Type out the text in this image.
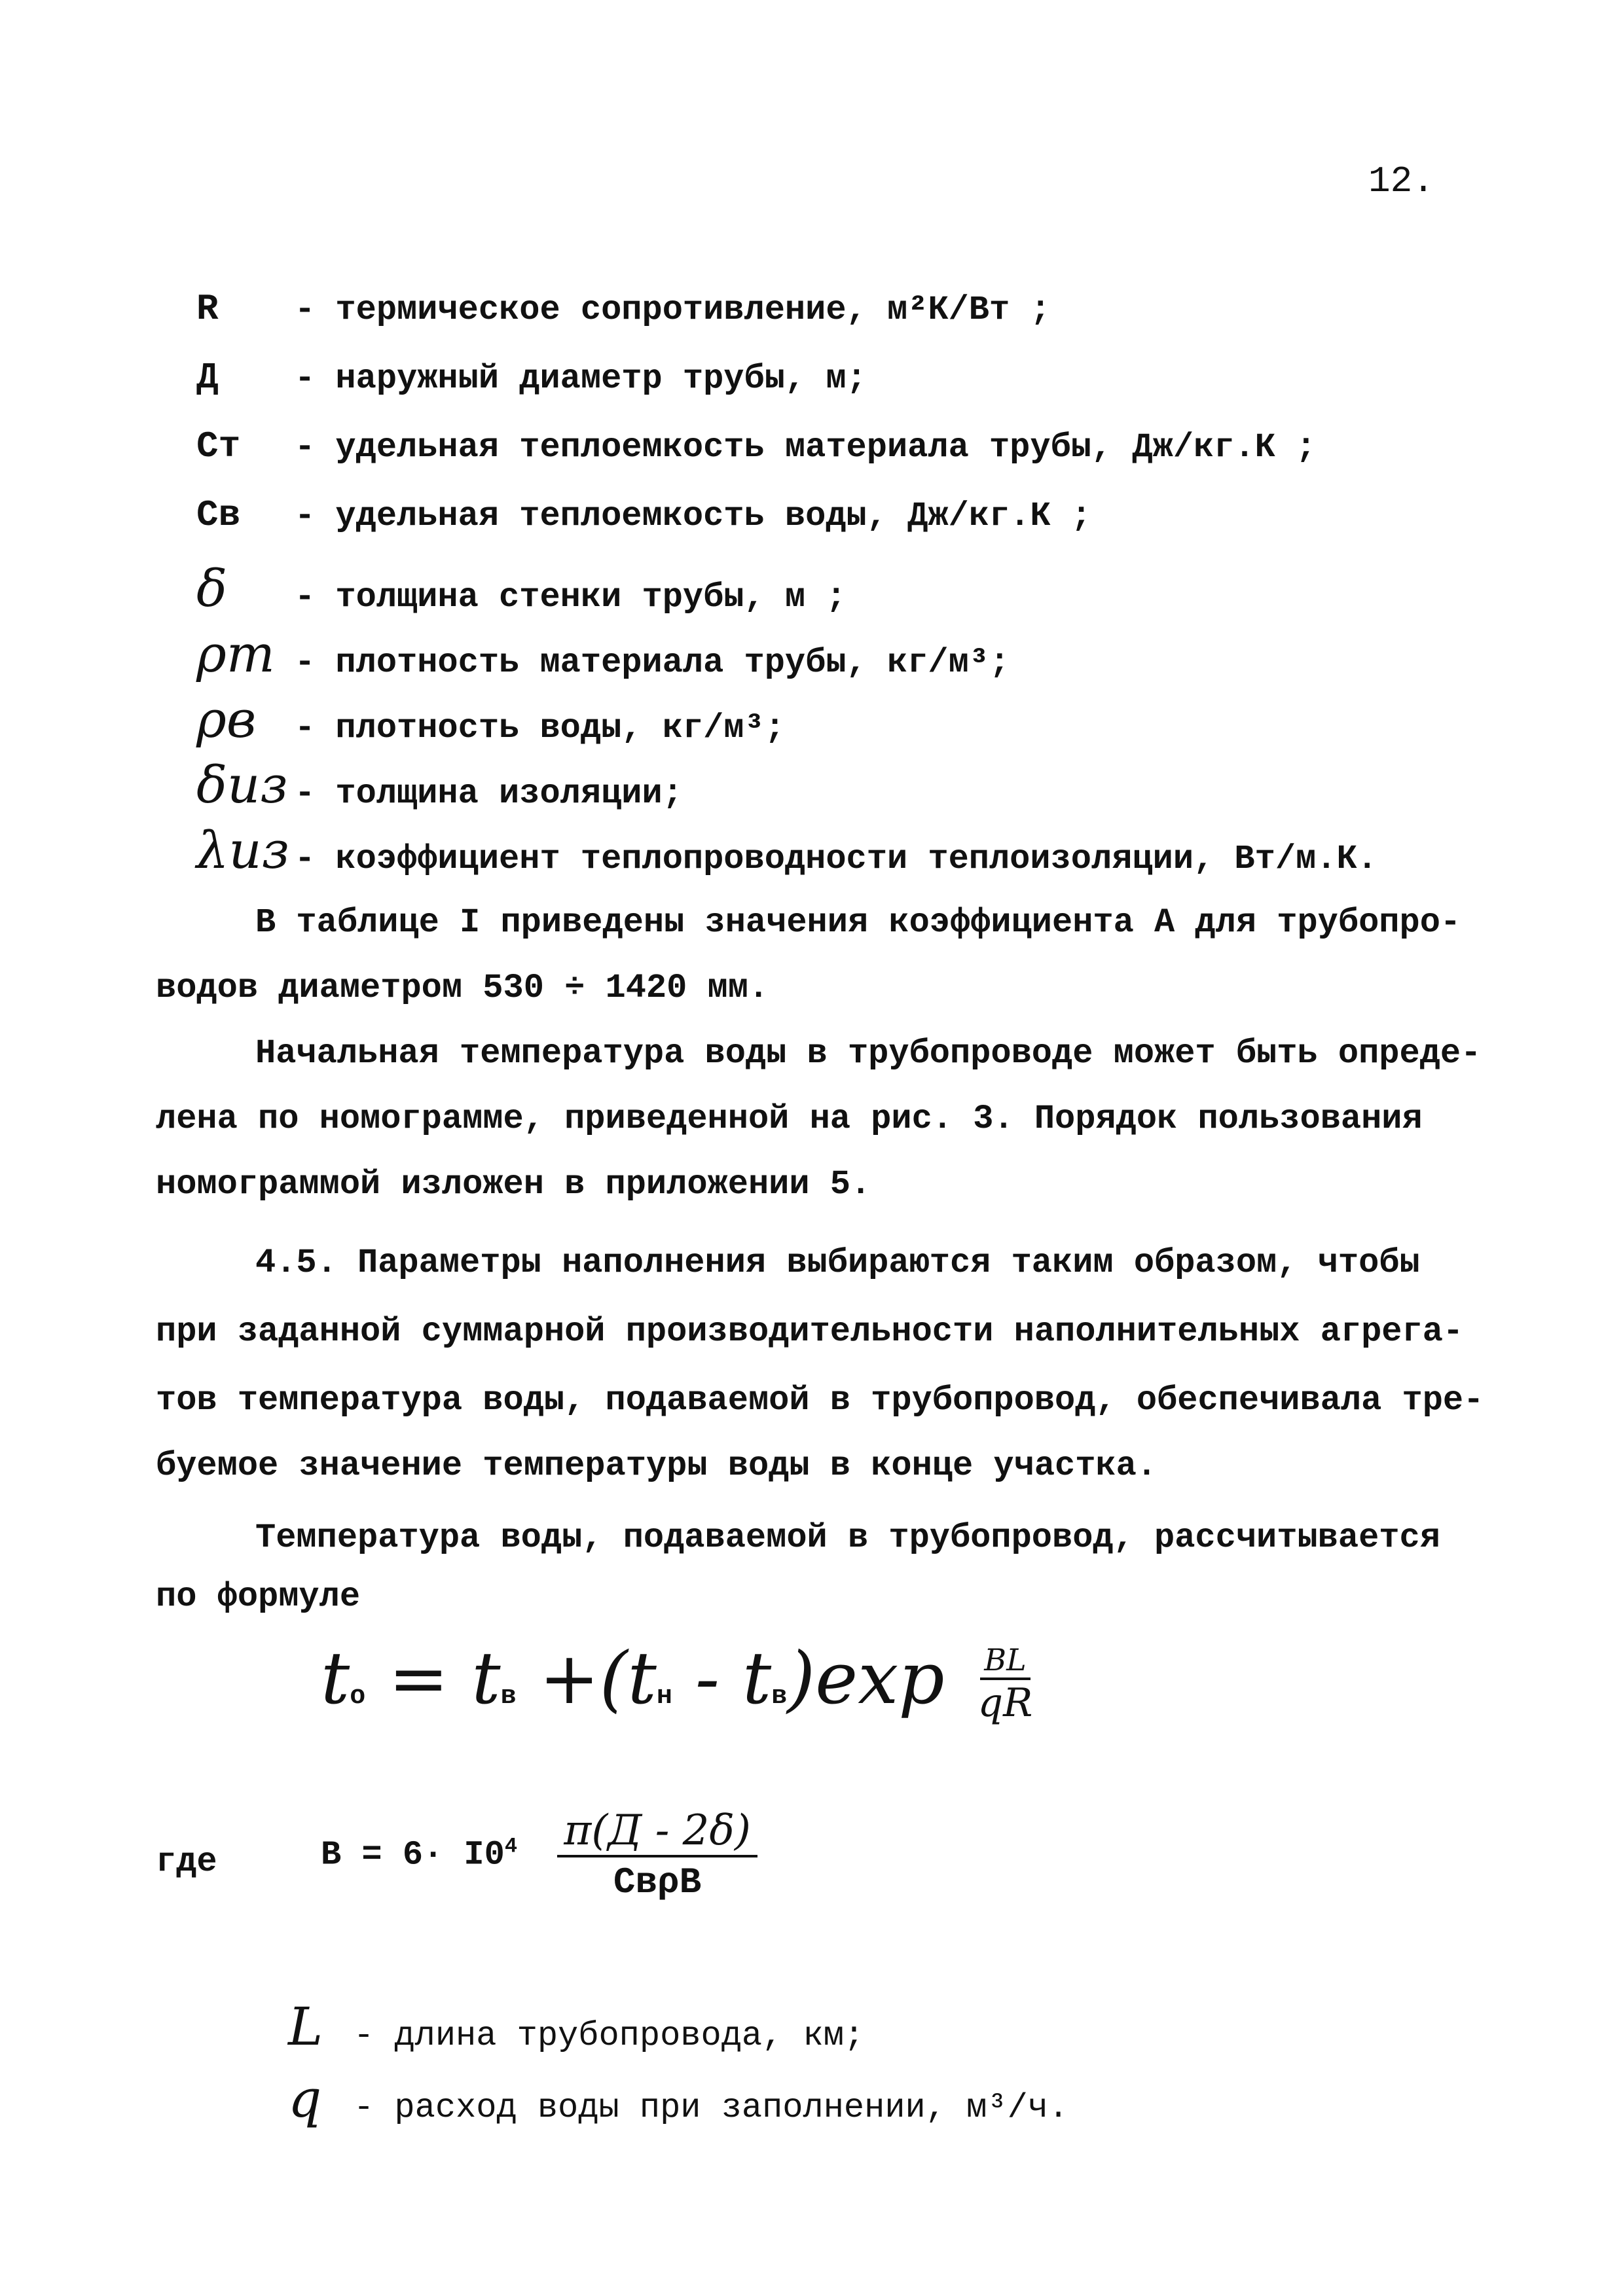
12.
R	- термическое сопротивление, м²К/Вт ;
Д	- наружный диаметр трубы, м;
Cт	- удельная теплоемкость материала трубы, Дж/кг.К ;
Cв	- удельная теплоемкость воды, Дж/кг.К ;
δ	- толщина стенки трубы, м ;
ρт - плотность материала трубы, кг/м³;
ρв	- плотность воды, кг/м³;
δиз - толщина изоляции;
λиз - коэффициент теплопроводности теплоизоляции, Вт/м.К.
В таблице I приведены значения коэффициента А для трубопро-
водов диаметром 530 ÷ 1420 мм.
Начальная температура воды в трубопроводе может быть опреде-
лена по номограмме, приведенной на рис. 3. Порядок пользования
номограммой изложен в приложении 5.
4.5. Параметры наполнения выбираются таким образом, чтобы
при заданной суммарной производительности наполнительных агрега-
тов температура воды, подаваемой в трубопровод, обеспечивала тре-
буемое значение температуры воды в конце участка.
Температура воды, подаваемой в трубопровод, рассчитывается
по формуле
tо = tв $+(tн - tв)\exp \frac{BL}{qR}$
где	$B = 6\cdot I0^4$ π(Д - 2δ)
CвρВ
L - длина трубопровода, км;
q - расход воды при заполнении, м³/ч.
